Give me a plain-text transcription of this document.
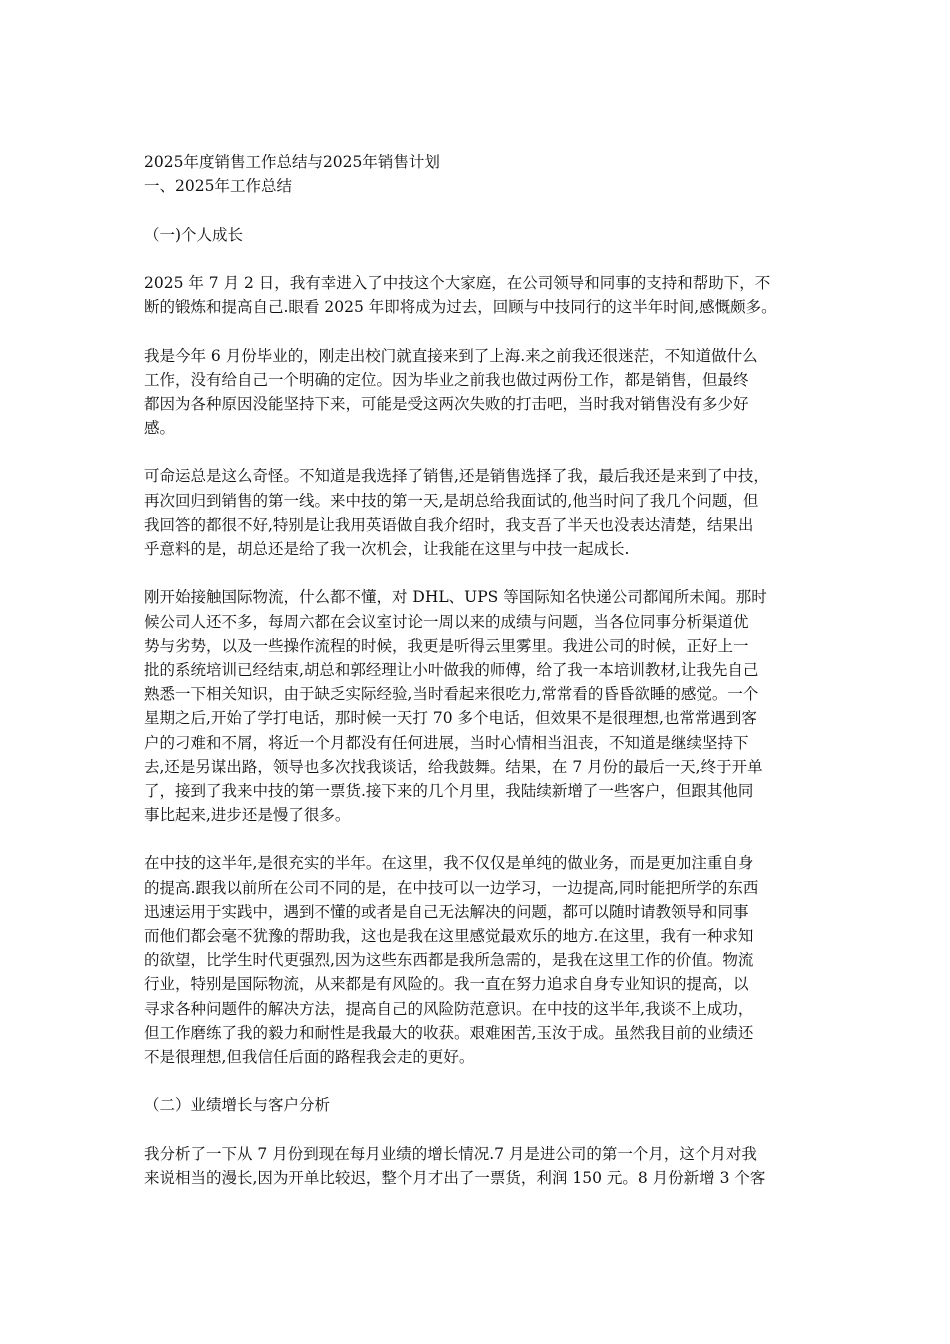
2025年度销售工作总结与2025年销售计划
一、2025年工作总结
（一)个人成长
2025 年 7 月 2 日，我有幸进入了中技这个大家庭，在公司领导和同事的支持和帮助下，不
断的锻炼和提高自己.眼看 2025 年即将成为过去，回顾与中技同行的这半年时间,感慨颇多。
我是今年 6 月份毕业的，刚走出校门就直接来到了上海.来之前我还很迷茫，不知道做什么
工作，没有给自己一个明确的定位。因为毕业之前我也做过两份工作，都是销售，但最终
都因为各种原因没能坚持下来，可能是受这两次失败的打击吧，当时我对销售没有多少好
感。
可命运总是这么奇怪。不知道是我选择了销售,还是销售选择了我，最后我还是来到了中技，
再次回归到销售的第一线。来中技的第一天,是胡总给我面试的,他当时问了我几个问题，但
我回答的都很不好,特别是让我用英语做自我介绍时，我支吾了半天也没表达清楚，结果出
乎意料的是，胡总还是给了我一次机会，让我能在这里与中技一起成长.
刚开始接触国际物流，什么都不懂，对 DHL、UPS 等国际知名快递公司都闻所未闻。那时
候公司人还不多，每周六都在会议室讨论一周以来的成绩与问题，当各位同事分析渠道优
势与劣势，以及一些操作流程的时候，我更是听得云里雾里。我进公司的时候，正好上一
批的系统培训已经结束,胡总和郭经理让小叶做我的师傅，给了我一本培训教材,让我先自己
熟悉一下相关知识，由于缺乏实际经验,当时看起来很吃力,常常看的昏昏欲睡的感觉。一个
星期之后,开始了学打电话，那时候一天打 70 多个电话，但效果不是很理想,也常常遇到客
户的刁难和不屑，将近一个月都没有任何进展，当时心情相当沮丧，不知道是继续坚持下
去,还是另谋出路，领导也多次找我谈话，给我鼓舞。结果，在 7 月份的最后一天,终于开单
了，接到了我来中技的第一票货.接下来的几个月里，我陆续新增了一些客户，但跟其他同
事比起来,进步还是慢了很多。
在中技的这半年,是很充实的半年。在这里，我不仅仅是单纯的做业务，而是更加注重自身
的提高.跟我以前所在公司不同的是，在中技可以一边学习，一边提高,同时能把所学的东西
迅速运用于实践中，遇到不懂的或者是自己无法解决的问题，都可以随时请教领导和同事
而他们都会毫不犹豫的帮助我，这也是我在这里感觉最欢乐的地方.在这里，我有一种求知
的欲望，比学生时代更强烈,因为这些东西都是我所急需的，是我在这里工作的价值。物流
行业，特别是国际物流，从来都是有风险的。我一直在努力追求自身专业知识的提高，以
寻求各种问题件的解决方法，提高自己的风险防范意识。在中技的这半年,我谈不上成功，
但工作磨练了我的毅力和耐性是我最大的收获。艰难困苦,玉汝于成。虽然我目前的业绩还
不是很理想,但我信任后面的路程我会走的更好。
（二）业绩增长与客户分析
我分析了一下从 7 月份到现在每月业绩的增长情况.7 月是进公司的第一个月，这个月对我
来说相当的漫长,因为开单比较迟，整个月才出了一票货，利润 150 元。8 月份新增 3 个客
